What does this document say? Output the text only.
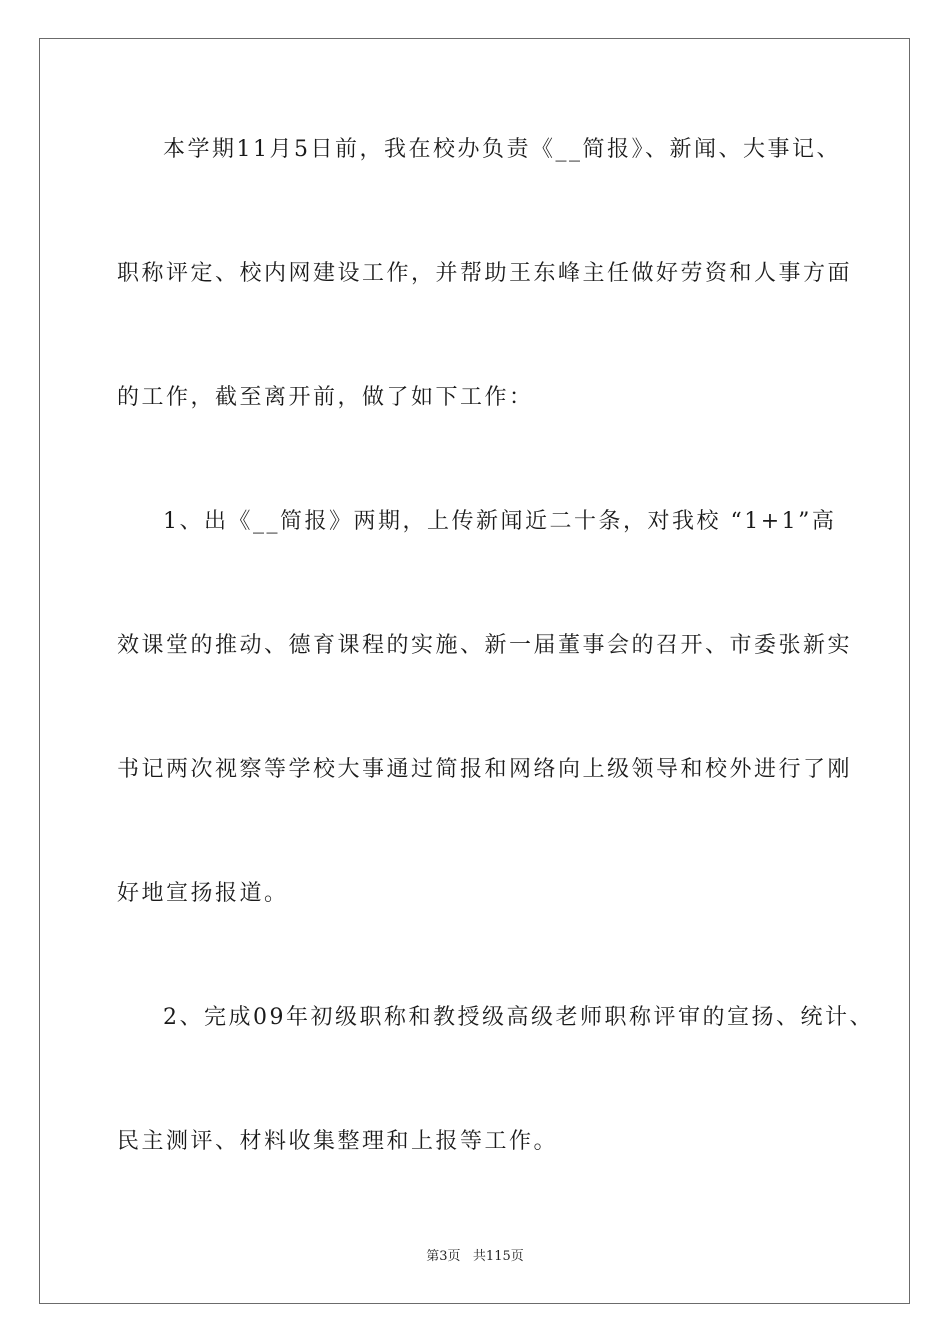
本学期11月5日前，我在校办负责《__简报》、新闻、大事记、
职称评定、校内网建设工作，并帮助王东峰主任做好劳资和人事方面
的工作，截至离开前，做了如下工作：
1、出《__简报》两期，上传新闻近二十条，对我校 “1+1”高
效课堂的推动、德育课程的实施、新一届董事会的召开、市委张新实
书记两次视察等学校大事通过简报和网络向上级领导和校外进行了刚
好地宣扬报道。
2、完成09年初级职称和教授级高级老师职称评审的宣扬、统计、
民主测评、材料收集整理和上报等工作。
第3页 共115页
